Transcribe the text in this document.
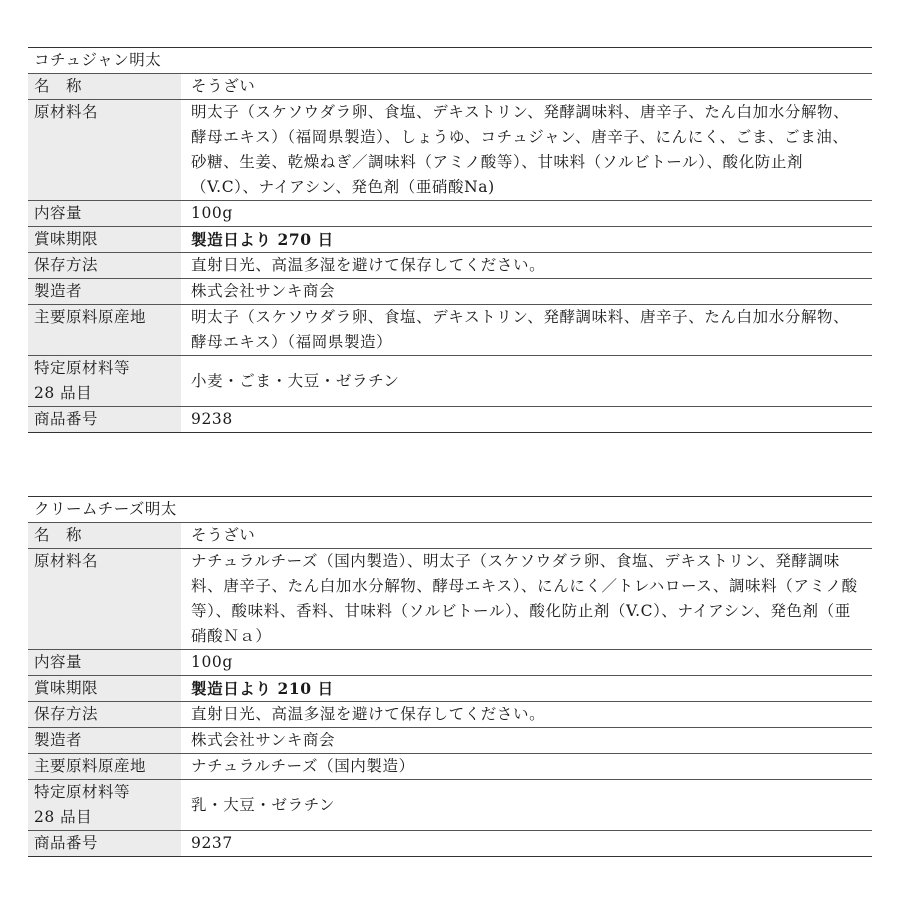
コチュジャン明太	
名　称	そうざい
原材料名	明太子（スケソウダラ卵、食塩、デキストリン、発酵調味料、唐辛子、たん白加水分解物、酵母エキス）（福岡県製造）、しょうゆ、コチュジャン、唐辛子、にんにく、ごま、ごま油、砂糖、生姜、乾燥ねぎ／調味料（アミノ酸等）、甘味料（ソルビトール）、酸化防止剤（V.C）、ナイアシン、発色剤（亜硝酸Na)
内容量	100g
賞味期限	製造日より 270 日
保存方法	直射日光、高温多湿を避けて保存してください。
製造者	株式会社サンキ商会
主要原料原産地	明太子（スケソウダラ卵、食塩、デキストリン、発酵調味料、唐辛子、たん白加水分解物、酵母エキス）（福岡県製造）
特定原材料等
28 品目	小麦・ごま・大豆・ゼラチン
商品番号	9238
クリームチーズ明太	
名　称	そうざい
原材料名	ナチュラルチーズ（国内製造）、明太子（スケソウダラ卵、食塩、デキストリン、発酵調味料、唐辛子、たん白加水分解物、酵母エキス）、にんにく／トレハロース、調味料（アミノ酸等）、酸味料、香料、甘味料（ソルビトール）、酸化防止剤（V.C）、ナイアシン、発色剤（亜硝酸Ｎａ）
内容量	100g
賞味期限	製造日より 210 日
保存方法	直射日光、高温多湿を避けて保存してください。
製造者	株式会社サンキ商会
主要原料原産地	ナチュラルチーズ（国内製造）
特定原材料等
28 品目	乳・大豆・ゼラチン
商品番号	9237
